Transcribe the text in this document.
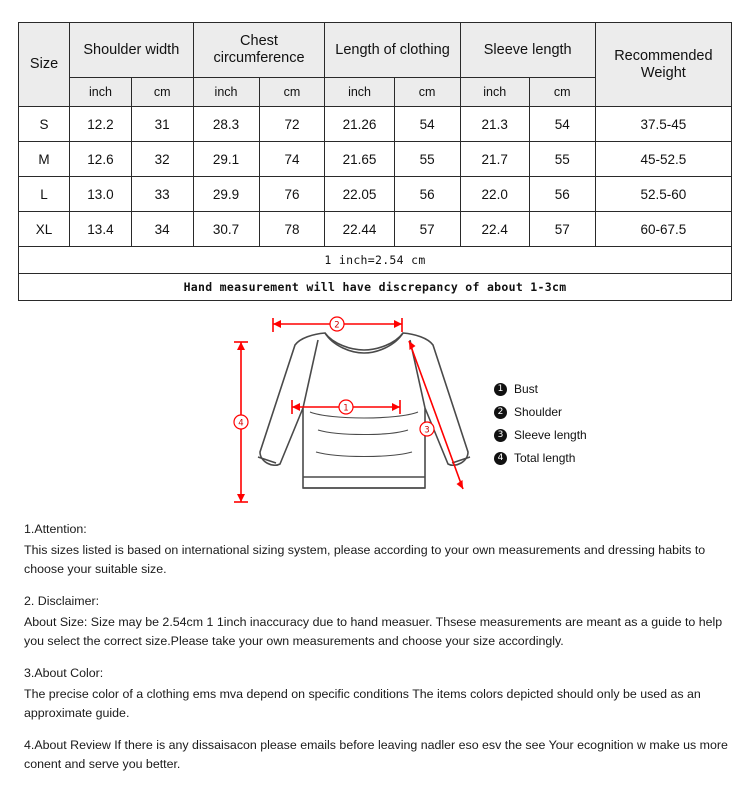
Size	Shoulder width		Chest circumference		Length of clothing		Sleeve length		Recommended Weight
	inch	cm	inch	cm	inch	cm	inch	cm	
S	12.2	31	28.3	72	21.26	54	21.3	54	37.5-45
M	12.6	32	29.1	74	21.65	55	21.7	55	45-52.5
L	13.0	33	29.9	76	22.05	56	22.0	56	52.5-60
XL	13.4	34	30.7	78	22.44	57	22.4	57	60-67.5
1 inch=2.54 cm									
Hand measurement will have discrepancy of about 1-3cm									
2
1
4
3
1 Bust
2 Shoulder
3 Sleeve length
4 Total length

1.Attention:

This sizes listed is based on international sizing system, please according to your own measurements and dressing habits to choose your suitable size.

2. Disclaimer:

About Size: Size may be 2.54cm 1 1inch inaccuracy due to hand measuer. Thsese measurements are meant as a guide to help you select the correct size.Please take your own measurements and choose your size accordingly.

3.About Color:

The precise color of a clothing ems mva depend on specific conditions The items colors depicted should only be used as an approximate guide.

4.About Review If there is any dissaisacon please emails before leaving nadler eso esv the see Your ecognition w make us more conent and serve you better.
